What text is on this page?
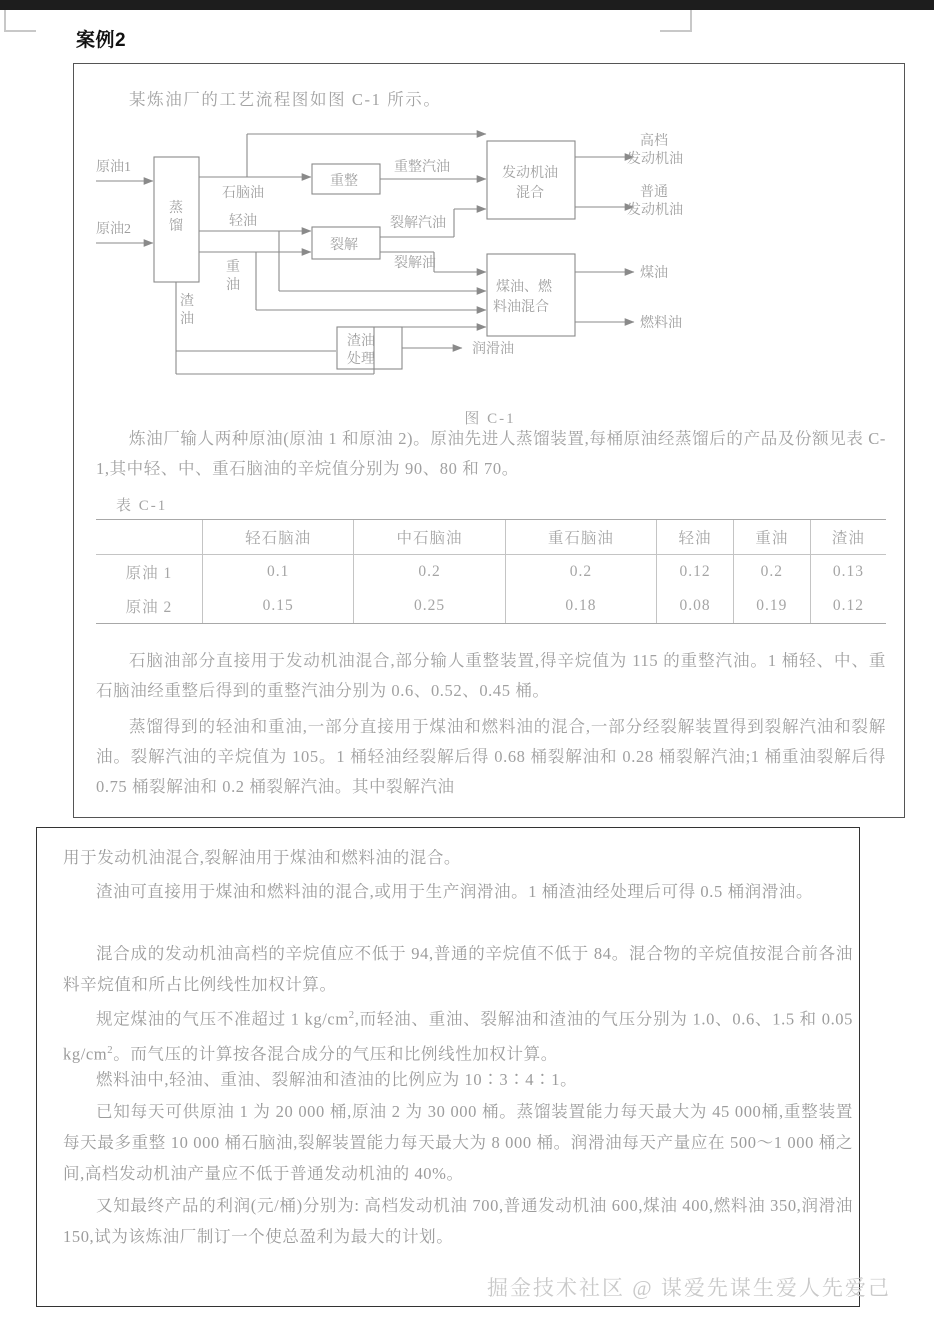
案例2
某炼油厂的工艺流程图如图 C-1 所示。
原油1
原油2
蒸
馏
重整
裂解
渣油
处理
发动机油
混合
煤油、燃
料油混合
石脑油
轻油
重
油
渣
油
重整汽油
裂解汽油
裂解油
润滑油
高档
发动机油
普通
发动机油
煤油
燃料油
图 C-1
炼油厂输人两种原油(原油 1 和原油 2)。原油先进人蒸馏装置,每桶原油经蒸馏后的产品及份额见表 C-1,其中轻、中、重石脑油的辛烷值分别为 90、80 和 70。
表 C-1
	轻石脑油	中石脑油	重石脑油	轻油	重油	渣油
原油 1	0.1	0.2	0.2	0.12	0.2	0.13
原油 2	0.15	0.25	0.18	0.08	0.19	0.12
石脑油部分直接用于发动机油混合,部分输人重整装置,得辛烷值为 115 的重整汽油。1 桶轻、中、重石脑油经重整后得到的重整汽油分别为 0.6、0.52、0.45 桶。
蒸馏得到的轻油和重油,一部分直接用于煤油和燃料油的混合,一部分经裂解装置得到裂解汽油和裂解油。裂解汽油的辛烷值为 105。1 桶轻油经裂解后得 0.68 桶裂解油和 0.28 桶裂解汽油;1 桶重油裂解后得 0.75 桶裂解油和 0.2 桶裂解汽油。其中裂解汽油
用于发动机油混合,裂解油用于煤油和燃料油的混合。
渣油可直接用于煤油和燃料油的混合,或用于生产润滑油。1 桶渣油经处理后可得 0.5 桶润滑油。
混合成的发动机油高档的辛烷值应不低于 94,普通的辛烷值不低于 84。混合物的辛烷值按混合前各油料辛烷值和所占比例线性加权计算。
规定煤油的气压不准超过 1 $kg/cm^2$,而轻油、重油、裂解油和渣油的气压分别为 1.0、0.6、1.5 和 0.05 $kg/cm^2$。而气压的计算按各混合成分的气压和比例线性加权计算。
燃料油中,轻油、重油、裂解油和渣油的比例应为 10∶3∶4∶1。
已知每天可供原油 1 为 20 000 桶,原油 2 为 30 000 桶。蒸馏装置能力每天最大为 45 000桶,重整装置每天最多重整 10 000 桶石脑油,裂解装置能力每天最大为 8 000 桶。润滑油每天产量应在 500～1 000 桶之间,高档发动机油产量应不低于普通发动机油的 40%。
又知最终产品的利润(元/桶)分别为: 高档发动机油 700,普通发动机油 600,煤油 400,燃料油 350,润滑油 150,试为该炼油厂制订一个使总盈利为最大的计划。
掘金技术社区 @ 谋爱先谋生爱人先爱己
